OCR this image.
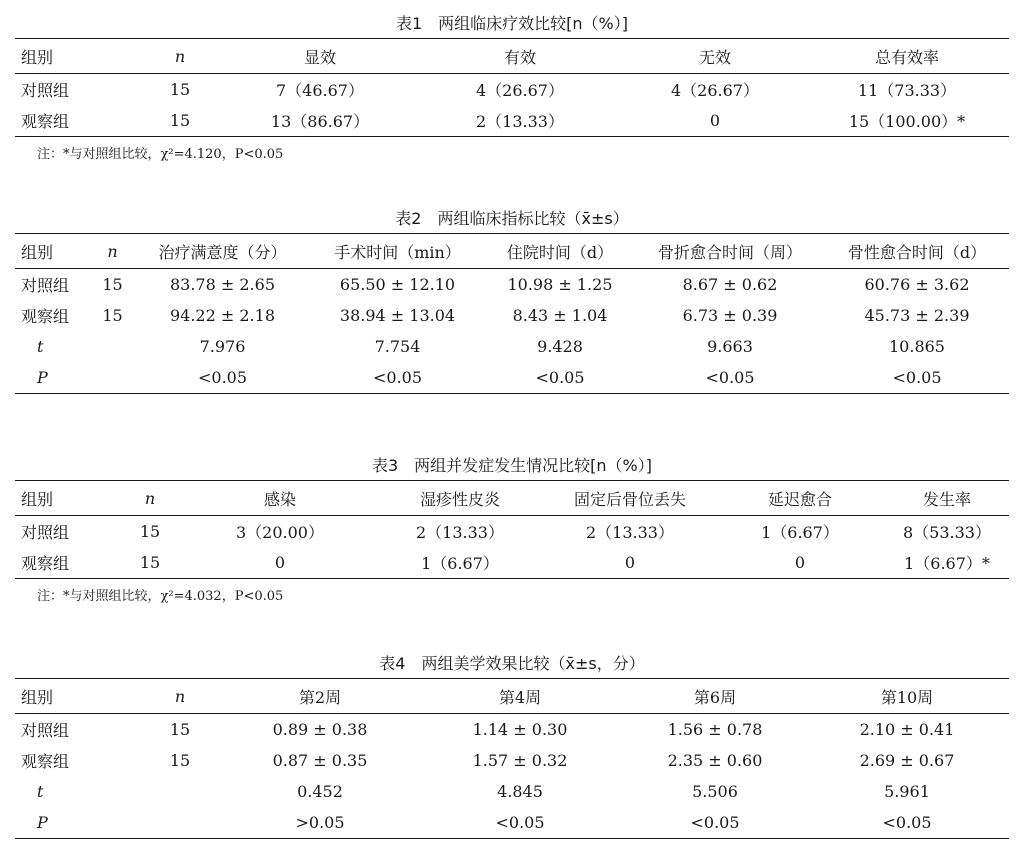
表1　两组临床疗效比较[n（%）]
组别	n	显效	有效	无效	总有效率
对照组	15	7（46.67）	4（26.67）	4（26.67）	11（73.33）
观察组	15	13（86.67）	2（13.33）	0	15（100.00）*
注：*与对照组比较，χ²=4.120，P<0.05
表2　两组临床指标比较（x̄±s）
组别	n	治疗满意度（分）	手术时间（min）	住院时间（d）	骨折愈合时间（周）	骨性愈合时间（d）
对照组	15	83.78 ± 2.65	65.50 ± 12.10	10.98 ± 1.25	8.67 ± 0.62	60.76 ± 3.62
观察组	15	94.22 ± 2.18	38.94 ± 13.04	8.43 ± 1.04	6.73 ± 0.39	45.73 ± 2.39
t		7.976	7.754	9.428	9.663	10.865
P		<0.05	<0.05	<0.05	<0.05	<0.05
表3　两组并发症发生情况比较[n（%）]
组别	n	感染	湿疹性皮炎	固定后骨位丢失	延迟愈合	发生率
对照组	15	3（20.00）	2（13.33）	2（13.33）	1（6.67）	8（53.33）
观察组	15	0	1（6.67）	0	0	1（6.67）*
注：*与对照组比较，χ²=4.032，P<0.05
表4　两组美学效果比较（x̄±s，分）
组别	n	第2周	第4周	第6周	第10周
对照组	15	0.89 ± 0.38	1.14 ± 0.30	1.56 ± 0.78	2.10 ± 0.41
观察组	15	0.87 ± 0.35	1.57 ± 0.32	2.35 ± 0.60	2.69 ± 0.67
t		0.452	4.845	5.506	5.961
P		>0.05	<0.05	<0.05	<0.05
